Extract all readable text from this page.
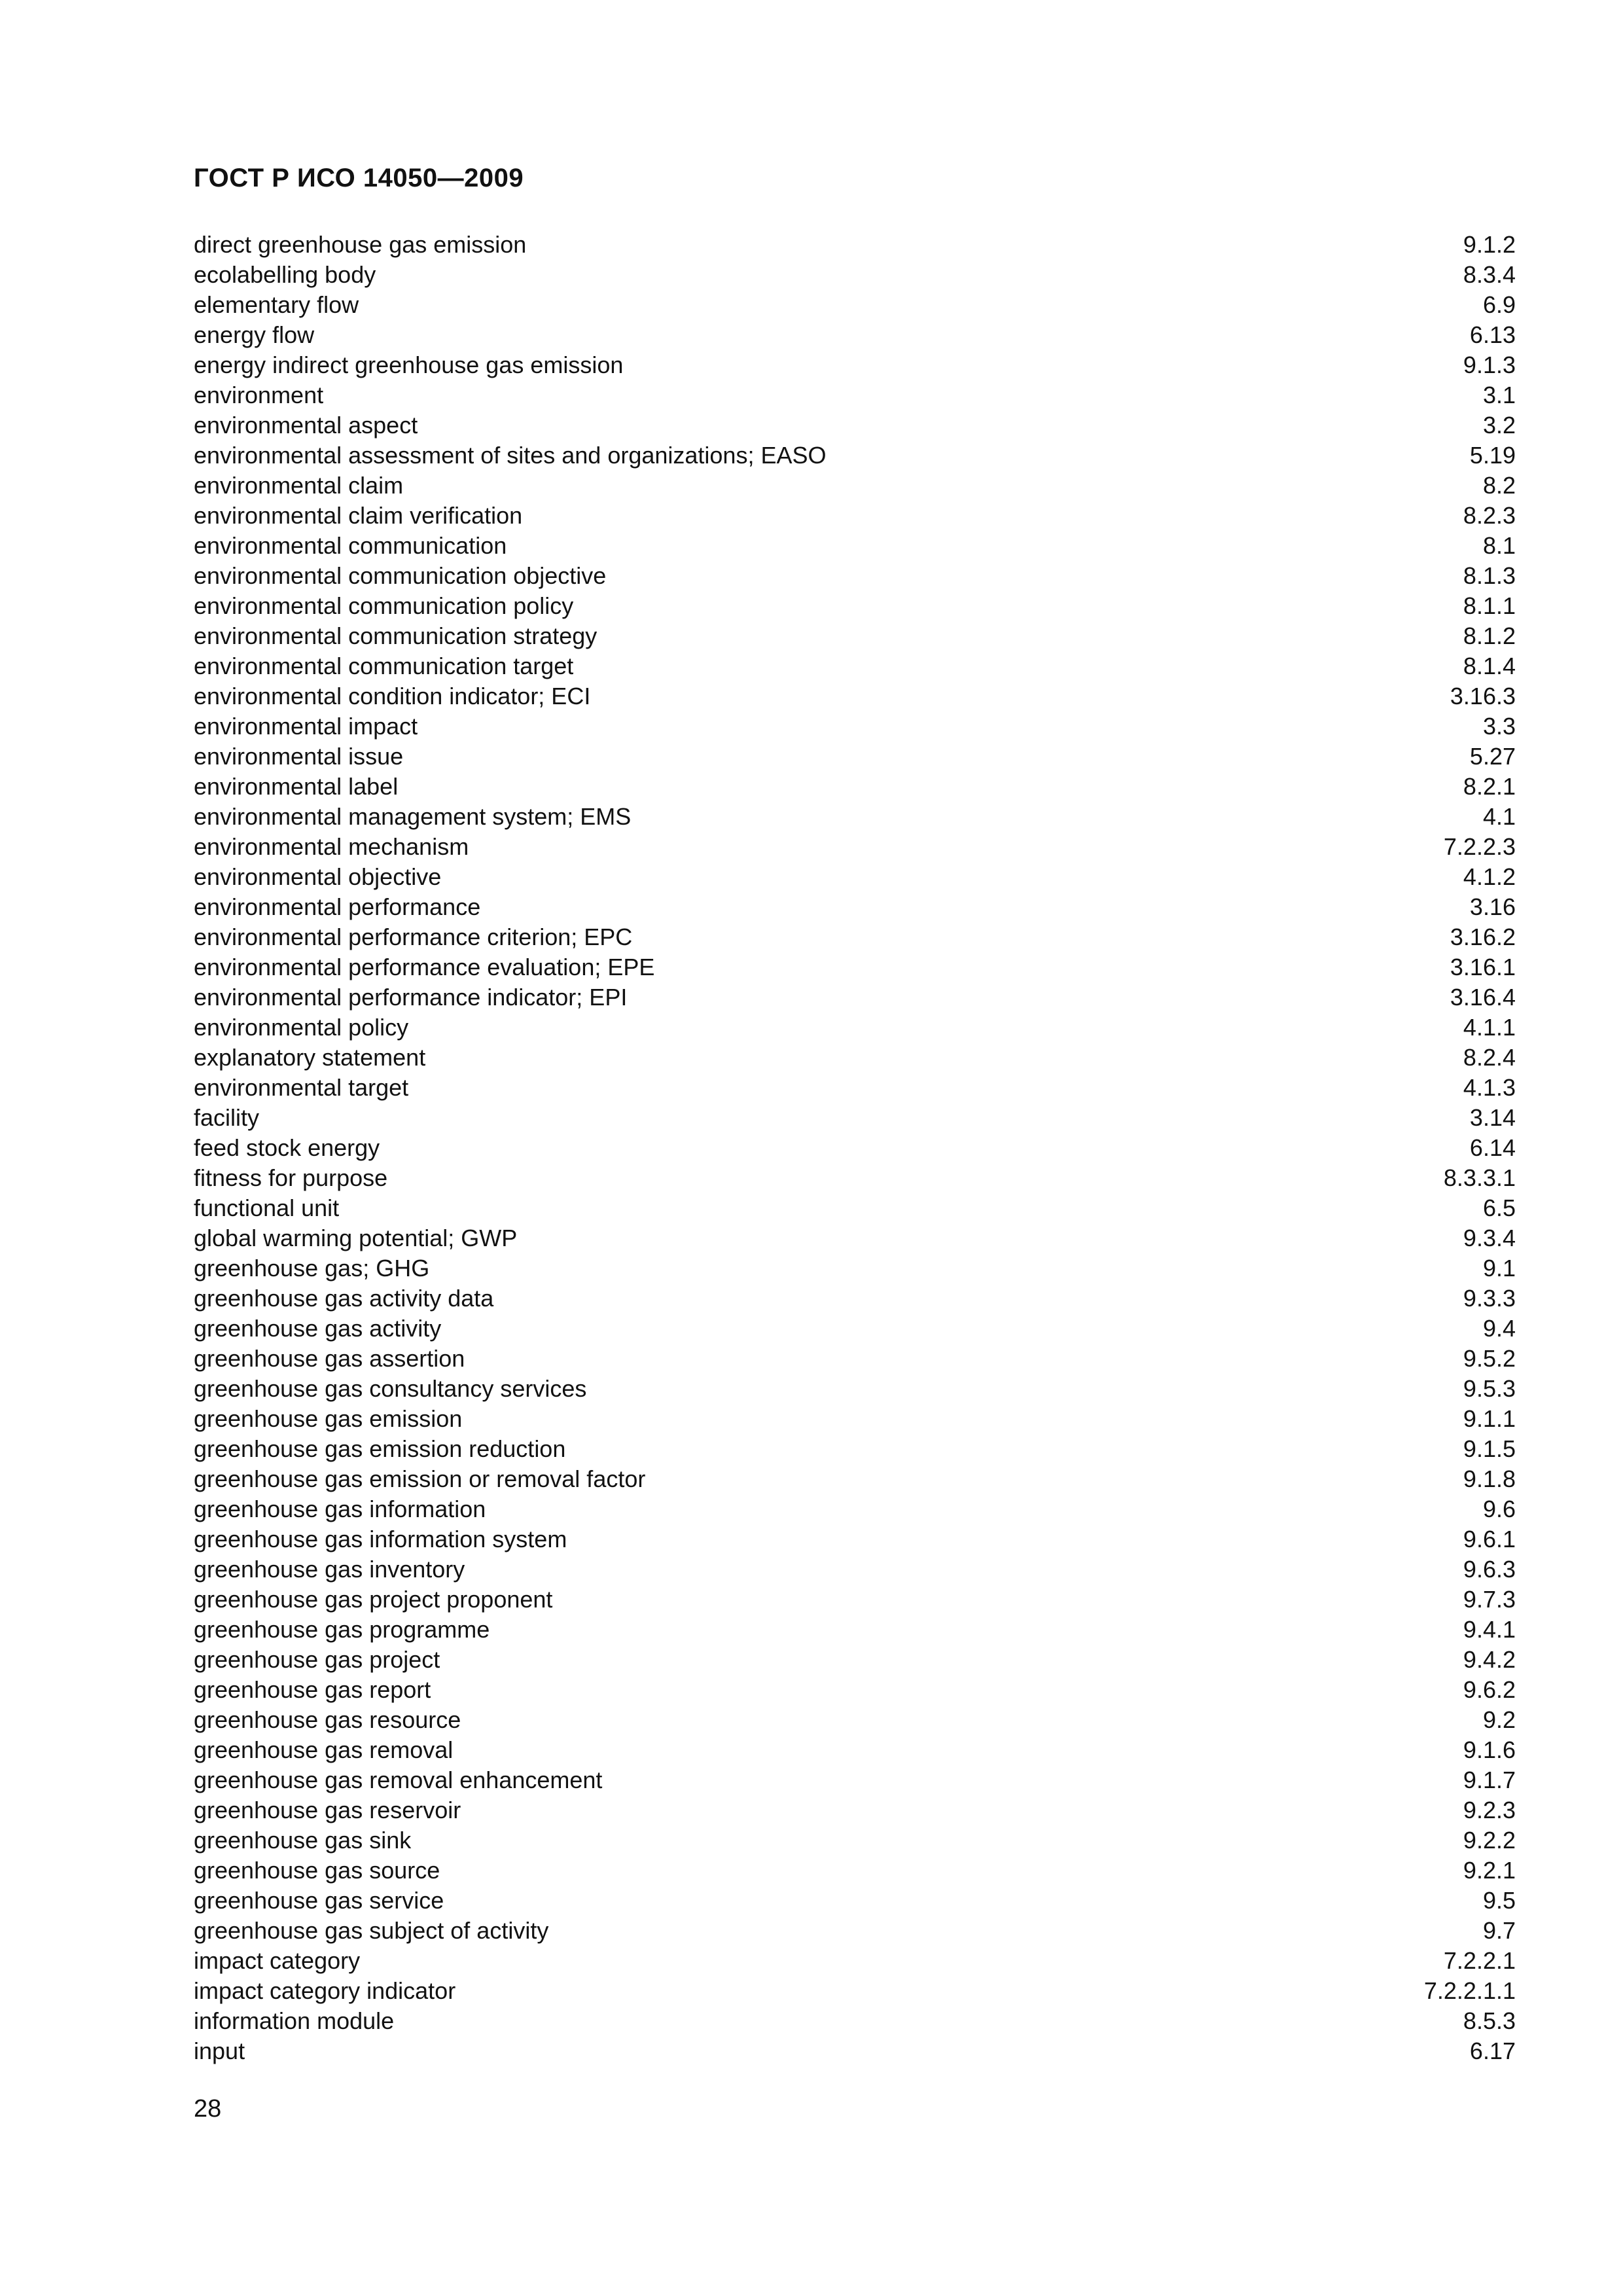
ГОСТ Р ИСО 14050—2009
direct greenhouse gas emission	9.1.2
ecolabelling body	8.3.4
elementary flow	6.9
energy flow	6.13
energy indirect greenhouse gas emission	9.1.3
environment	3.1
environmental aspect	3.2
environmental assessment of sites and organizations; EASO	5.19
environmental claim	8.2
environmental claim verification	8.2.3
environmental communication	8.1
environmental communication objective	8.1.3
environmental communication policy	8.1.1
environmental communication strategy	8.1.2
environmental communication target	8.1.4
environmental condition indicator; ECI	3.16.3
environmental impact	3.3
environmental issue	5.27
environmental label	8.2.1
environmental management system; EMS	4.1
environmental mechanism	7.2.2.3
environmental objective	4.1.2
environmental performance	3.16
environmental performance criterion; EPC	3.16.2
environmental performance evaluation; EPE	3.16.1
environmental performance indicator; EPI	3.16.4
environmental policy	4.1.1
explanatory statement	8.2.4
environmental target	4.1.3
facility	3.14
feed stock energy	6.14
fitness for purpose	8.3.3.1
functional unit	6.5
global warming potential; GWP	9.3.4
greenhouse gas; GHG	9.1
greenhouse gas activity data	9.3.3
greenhouse gas activity	9.4
greenhouse gas assertion	9.5.2
greenhouse gas consultancy services	9.5.3
greenhouse gas emission	9.1.1
greenhouse gas emission reduction	9.1.5
greenhouse gas emission or removal factor	9.1.8
greenhouse gas information	9.6
greenhouse gas information system	9.6.1
greenhouse gas inventory	9.6.3
greenhouse gas project proponent	9.7.3
greenhouse gas programme	9.4.1
greenhouse gas project	9.4.2
greenhouse gas report	9.6.2
greenhouse gas resource	9.2
greenhouse gas removal	9.1.6
greenhouse gas removal enhancement	9.1.7
greenhouse gas reservoir	9.2.3
greenhouse gas sink	9.2.2
greenhouse gas source	9.2.1
greenhouse gas service	9.5
greenhouse gas subject of activity	9.7
impact category	7.2.2.1
impact category indicator	7.2.2.1.1
information module	8.5.3
input	6.17
28
